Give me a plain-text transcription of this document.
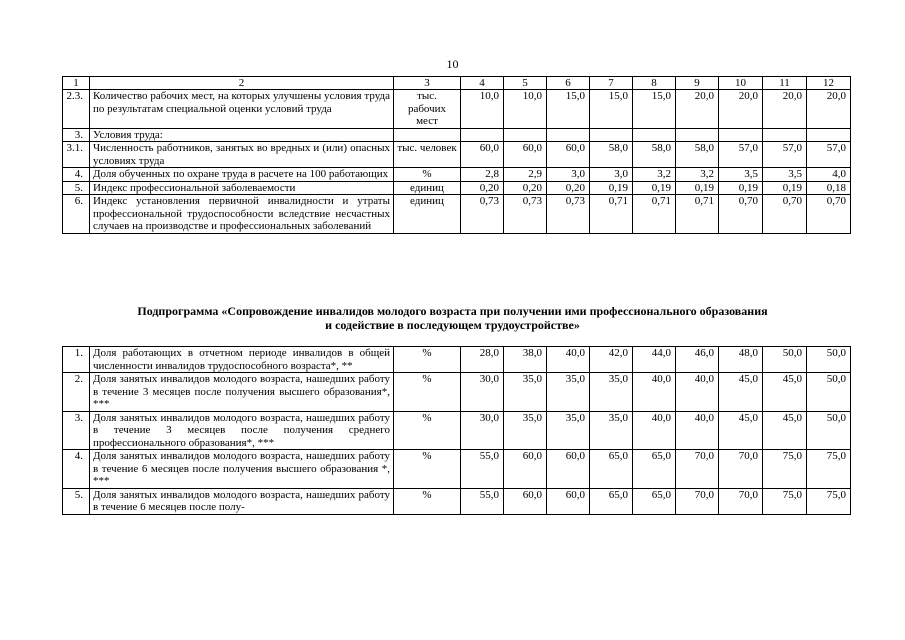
10
1	2	3	4	5	6	7	8	9	10	11	12
2.3.	Количество рабочих мест, на которых улучшены условия труда по результатам специальной оценки условий труда	тыс. рабочих мест	10,0	10,0	15,0	15,0	15,0	20,0	20,0	20,0	20,0
3.	Условия труда:										
3.1.	Численность работников, занятых во вредных и (или) опасных условиях труда	тыс. человек	60,0	60,0	60,0	58,0	58,0	58,0	57,0	57,0	57,0
4.	Доля обученных по охране труда в расчете на 100 работающих	%	2,8	2,9	3,0	3,0	3,2	3,2	3,5	3,5	4,0
5.	Индекс профессиональной заболеваемости	единиц	0,20	0,20	0,20	0,19	0,19	0,19	0,19	0,19	0,18
6.	Индекс установления первичной инвалидности и утраты профессиональной трудоспособности вследствие несчастных случаев на производстве и профессиональных заболеваний	единиц	0,73	0,73	0,73	0,71	0,71	0,71	0,70	0,70	0,70
Подпрограмма «Сопровождение инвалидов молодого возраста при получении ими профессионального образования
и содействие в последующем трудоустройстве»
1.	Доля работающих в отчетном периоде инвалидов в общей численности инвалидов трудоспособного возраста*, **	%	28,0	38,0	40,0	42,0	44,0	46,0	48,0	50,0	50,0
2.	Доля занятых инвалидов молодого возраста, нашедших работу в течение 3 месяцев после получения высшего образования*, ***	%	30,0	35,0	35,0	35,0	40,0	40,0	45,0	45,0	50,0
3.	Доля занятых инвалидов молодого возраста, нашедших работу в течение 3 месяцев после получения среднего профессионального образования*, ***	%	30,0	35,0	35,0	35,0	40,0	40,0	45,0	45,0	50,0
4.	Доля занятых инвалидов молодого возраста, нашедших работу в течение 6 месяцев после получения высшего образования *, ***	%	55,0	60,0	60,0	65,0	65,0	70,0	70,0	75,0	75,0
5.	Доля занятых инвалидов молодого возраста, нашедших работу в течение 6 месяцев после полу-	%	55,0	60,0	60,0	65,0	65,0	70,0	70,0	75,0	75,0
